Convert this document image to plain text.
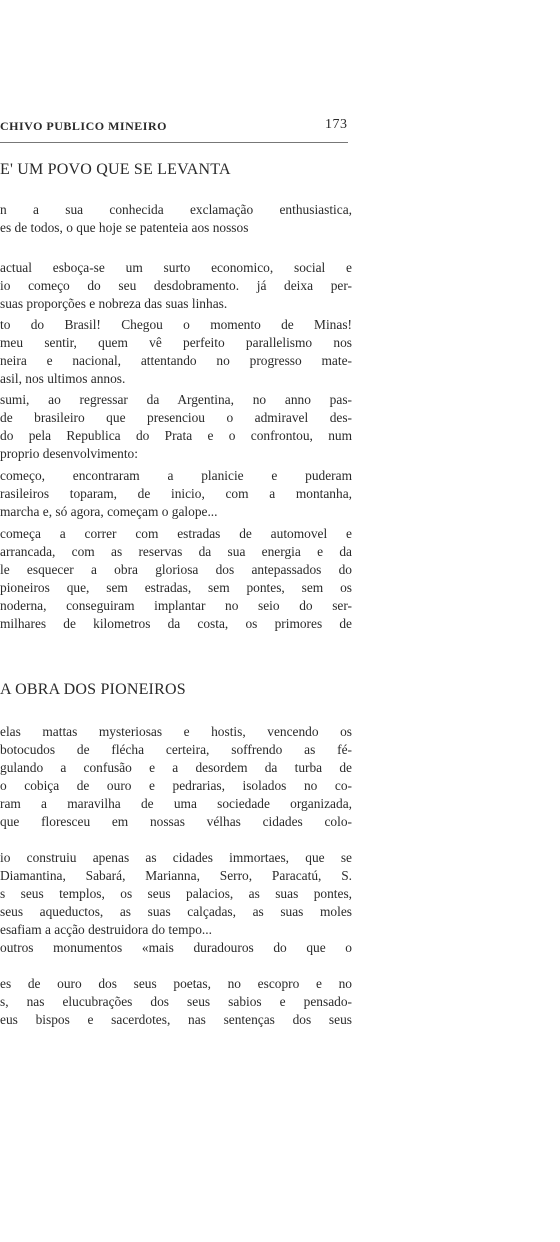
CHIVO PUBLICO MINEIRO	173
E' UM POVO QUE SE LEVANTA
n a sua conhecida exclamação enthusiastica,
es de todos, o que hoje se patenteia aos nossos
actual esboça-se um surto economico, social e
io começo do seu desdobramento. já deixa per-
suas proporções e nobreza das suas linhas.
to do Brasil! Chegou o momento de Minas!
meu sentir, quem vê perfeito parallelismo nos
neira e nacional, attentando no progresso mate-
asil, nos ultimos annos.
sumi, ao regressar da Argentina, no anno pas-
de brasileiro que presenciou o admiravel des-
do pela Republica do Prata e o confrontou, num
proprio desenvolvimento:
começo, encontraram a planicie e puderam
rasileiros toparam, de inicio, com a montanha,
marcha e, só agora, começam o galope...
começa a correr com estradas de automovel e
arrancada, com as reservas da sua energia e da
le esquecer a obra gloriosa dos antepassados do
pioneiros que, sem estradas, sem pontes, sem os
noderna, conseguiram implantar no seio do ser-
milhares de kilometros da costa, os primores de
A OBRA DOS PIONEIROS
elas mattas mysteriosas e hostis, vencendo os
botocudos de flécha certeira, soffrendo as fé-
gulando a confusão e a desordem da turba de
o cobiça de ouro e pedrarias, isolados no co-
ram a maravilha de uma sociedade organizada,
que floresceu em nossas vélhas cidades colo-
io construiu apenas as cidades immortaes, que se
Diamantina, Sabará, Marianna, Serro, Paracatú, S.
s seus templos, os seus palacios, as suas pontes,
seus aqueductos, as suas calçadas, as suas moles
esafiam a acção destruidora do tempo...
outros monumentos «mais duradouros do que o
es de ouro dos seus poetas, no escopro e no
s, nas elucubrações dos seus sabios e pensado-
eus bispos e sacerdotes, nas sentenças dos seus
